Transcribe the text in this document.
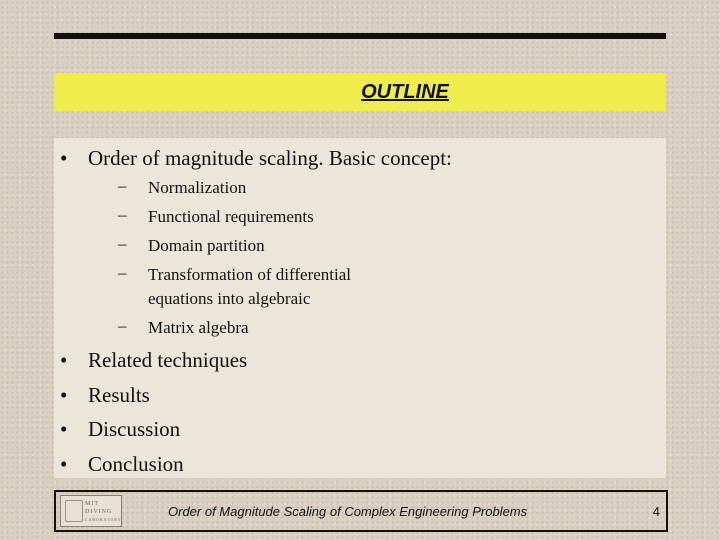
OUTLINE
• Order of magnitude scaling. Basic concept:
– Normalization
– Functional requirements
– Domain partition
– Transformation of differential
equations into algebraic
– Matrix algebra
• Related techniques
• Results
• Discussion
• Conclusion
MIT
DIVING
LABORATORY
Order of Magnitude Scaling of Complex Engineering Problems	4
